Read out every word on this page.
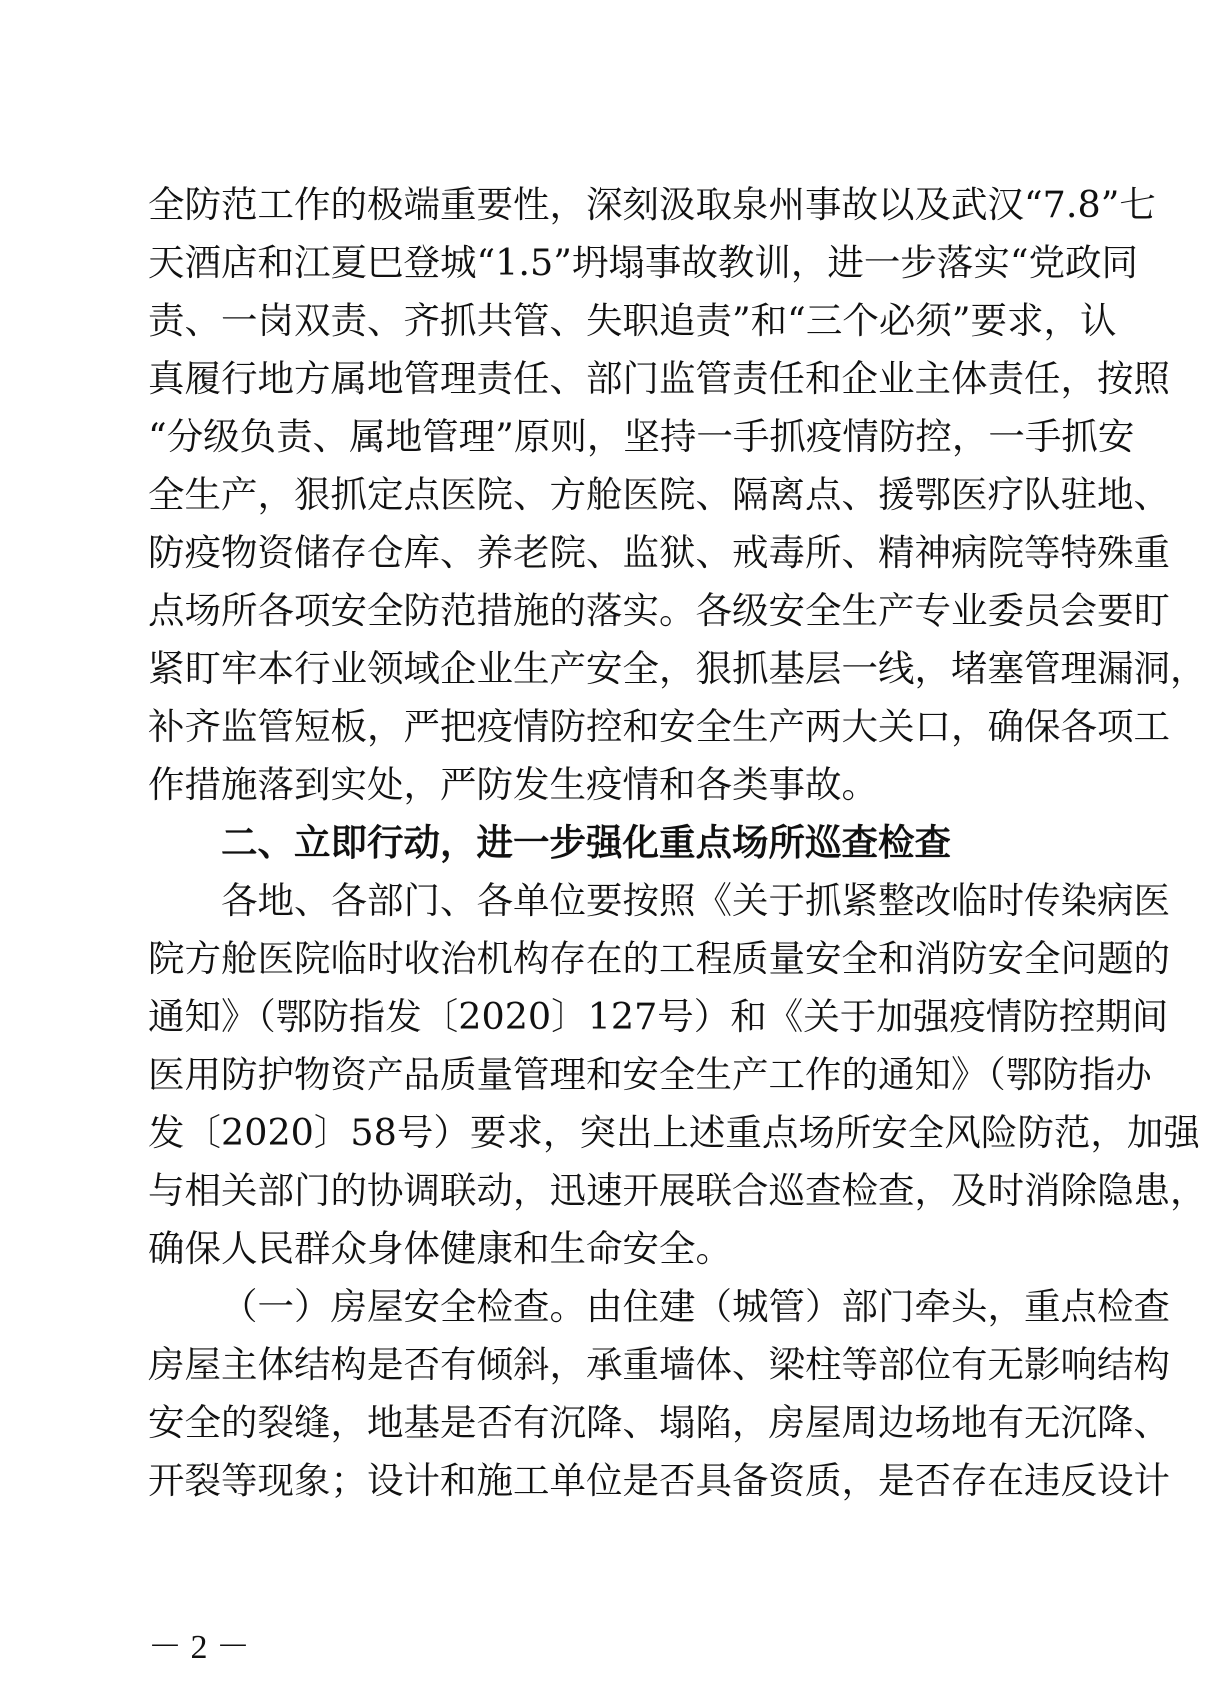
全防范工作的极端重要性，深刻汲取泉州事故以及武汉“7.8”七
天酒店和江夏巴登城“1.5”坍塌事故教训，进一步落实“党政同
责、一岗双责、齐抓共管、失职追责”和“三个必须”要求，认
真履行地方属地管理责任、部门监管责任和企业主体责任，按照
“分级负责、属地管理”原则，坚持一手抓疫情防控，一手抓安
全生产，狠抓定点医院、方舱医院、隔离点、援鄂医疗队驻地、
防疫物资储存仓库、养老院、监狱、戒毒所、精神病院等特殊重
点场所各项安全防范措施的落实。各级安全生产专业委员会要盯
紧盯牢本行业领域企业生产安全，狠抓基层一线，堵塞管理漏洞，
补齐监管短板，严把疫情防控和安全生产两大关口，确保各项工
作措施落到实处，严防发生疫情和各类事故。
二、立即行动，进一步强化重点场所巡查检查
各地、各部门、各单位要按照《关于抓紧整改临时传染病医
院方舱医院临时收治机构存在的工程质量安全和消防安全问题的
通知》（鄂防指发〔2020〕127号）和《关于加强疫情防控期间
医用防护物资产品质量管理和安全生产工作的通知》（鄂防指办
发〔2020〕58号）要求，突出上述重点场所安全风险防范，加强
与相关部门的协调联动，迅速开展联合巡查检查，及时消除隐患，
确保人民群众身体健康和生命安全。
（一）房屋安全检查。由住建（城管）部门牵头，重点检查
房屋主体结构是否有倾斜，承重墙体、梁柱等部位有无影响结构
安全的裂缝，地基是否有沉降、塌陷，房屋周边场地有无沉降、
开裂等现象；设计和施工单位是否具备资质，是否存在违反设计
－ 2 －
